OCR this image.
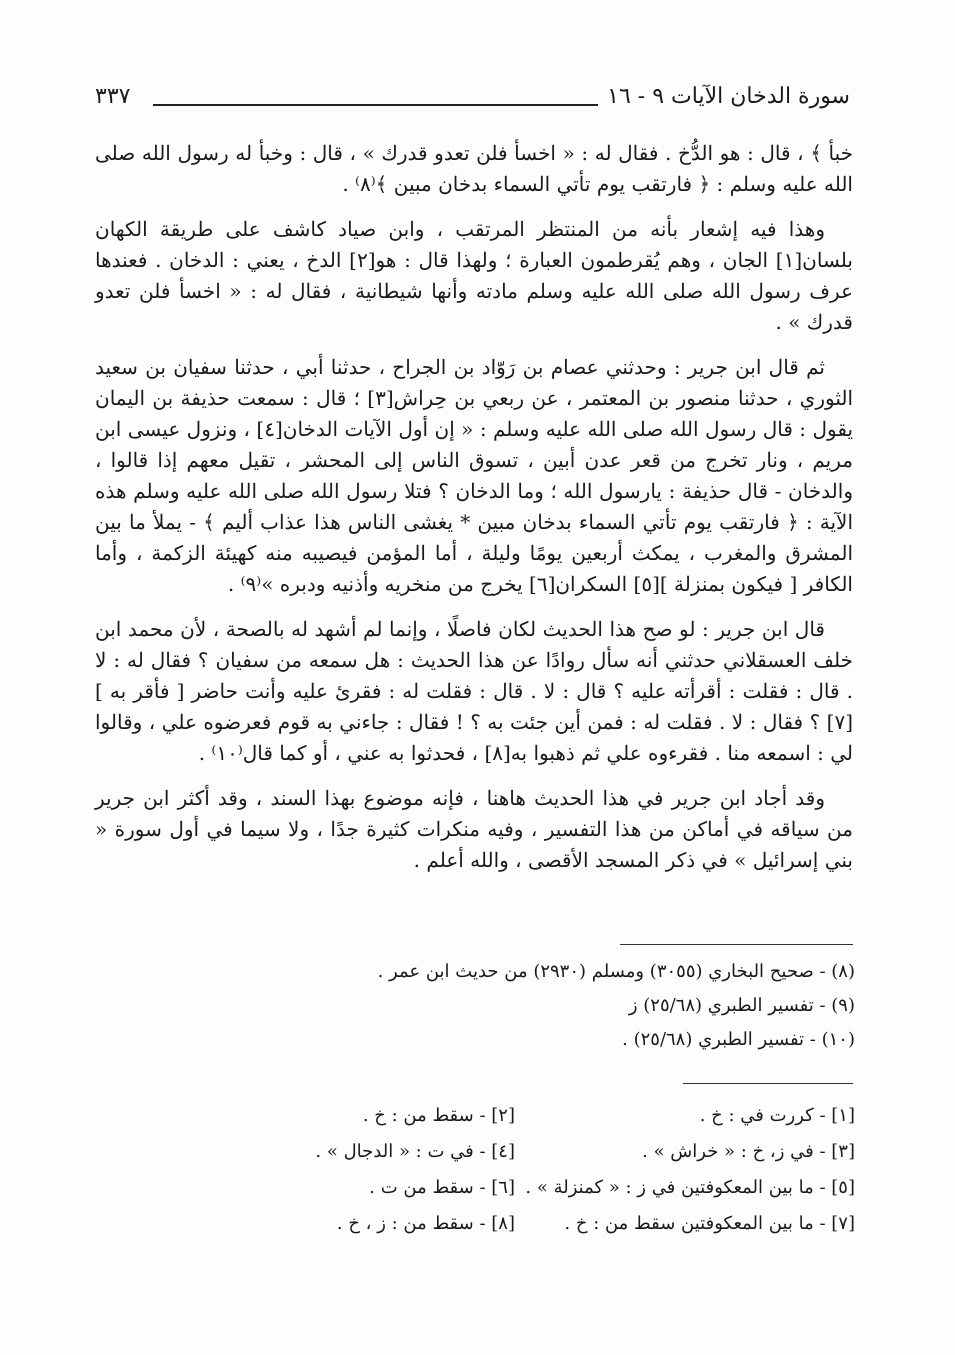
سورة الدخان الآيات ٩ - ١٦
٣٣٧

خبأ ﴾ ، قال : هو الدُّخ . فقال له : « اخسأ فلن تعدو قدرك » ، قال : وخبأ له رسول الله صلى الله عليه وسلم : ﴿ فارتقب يوم تأتي السماء بدخان مبين ﴾⁽٨⁾ .

وهذا فيه إشعار بأنه من المنتظر المرتقب ، وابن صياد كاشف على طريقة الكهان بلسان[١] الجان ، وهم يُقرطمون العبارة ؛ ولهذا قال : هو[٢] الدخ ، يعني : الدخان . فعندها عرف رسول الله صلى الله عليه وسلم مادته وأنها شيطانية ، فقال له : « اخسأ فلن تعدو قدرك » .

ثم قال ابن جرير : وحدثني عصام بن رَوّاد بن الجراح ، حدثنا أبي ، حدثنا سفيان بن سعيد الثوري ، حدثنا منصور بن المعتمر ، عن ربعي بن حِراش[٣] ؛ قال : سمعت حذيفة بن اليمان يقول : قال رسول الله صلى الله عليه وسلم : « إن أول الآيات الدخان[٤] ، ونزول عيسى ابن مريم ، ونار تخرج من قعر عدن أبين ، تسوق الناس إلى المحشر ، تقيل معهم إذا قالوا ، والدخان - قال حذيفة : يارسول الله ؛ وما الدخان ؟ فتلا رسول الله صلى الله عليه وسلم هذه الآية : ﴿ فارتقب يوم تأتي السماء بدخان مبين * يغشى الناس هذا عذاب أليم ﴾ - يملأ ما بين المشرق والمغرب ، يمكث أربعين يومًا وليلة ، أما المؤمن فيصيبه منه كهيئة الزكمة ، وأما الكافر [ فيكون بمنزلة ][٥] السكران[٦] يخرج من منخريه وأذنيه ودبره »⁽٩⁾ .

قال ابن جرير : لو صح هذا الحديث لكان فاصلًا ، وإنما لم أشهد له بالصحة ، لأن محمد ابن خلف العسقلاني حدثني أنه سأل روادًا عن هذا الحديث : هل سمعه من سفيان ؟ فقال له : لا . قال : فقلت : أقرأته عليه ؟ قال : لا . قال : فقلت له : فقرئ عليه وأنت حاضر [ فأقر به ][٧] ؟ فقال : لا . فقلت له : فمن أين جئت به ؟ ! فقال : جاءني به قوم فعرضوه علي ، وقالوا لي : اسمعه منا . فقرءوه علي ثم ذهبوا به[٨] ، فحدثوا به عني ، أو كما قال⁽١٠⁾ .

وقد أجاد ابن جرير في هذا الحديث هاهنا ، فإنه موضوع بهذا السند ، وقد أكثر ابن جرير من سياقه في أماكن من هذا التفسير ، وفيه منكرات كثيرة جدًا ، ولا سيما في أول سورة « بني إسرائيل » في ذكر المسجد الأقصى ، والله أعلم .

(٨) - صحيح البخاري (٣٠٥٥) ومسلم (٢٩٣٠) من حديث ابن عمر .
(٩) - تفسير الطبري (٢٥/٦٨) ز
(١٠) - تفسير الطبري (٢٥/٦٨) .
[١] - كررت في : خ .
[٢] - سقط من : خ .
[٣] - في ز، خ : « خراش » .
[٤] - في ت : « الدجال » .
[٥] - ما بين المعكوفتين في ز : « كمنزلة » .
[٦] - سقط من ت .
[٧] - ما بين المعكوفتين سقط من : خ .
[٨] - سقط من : ز ، خ .
